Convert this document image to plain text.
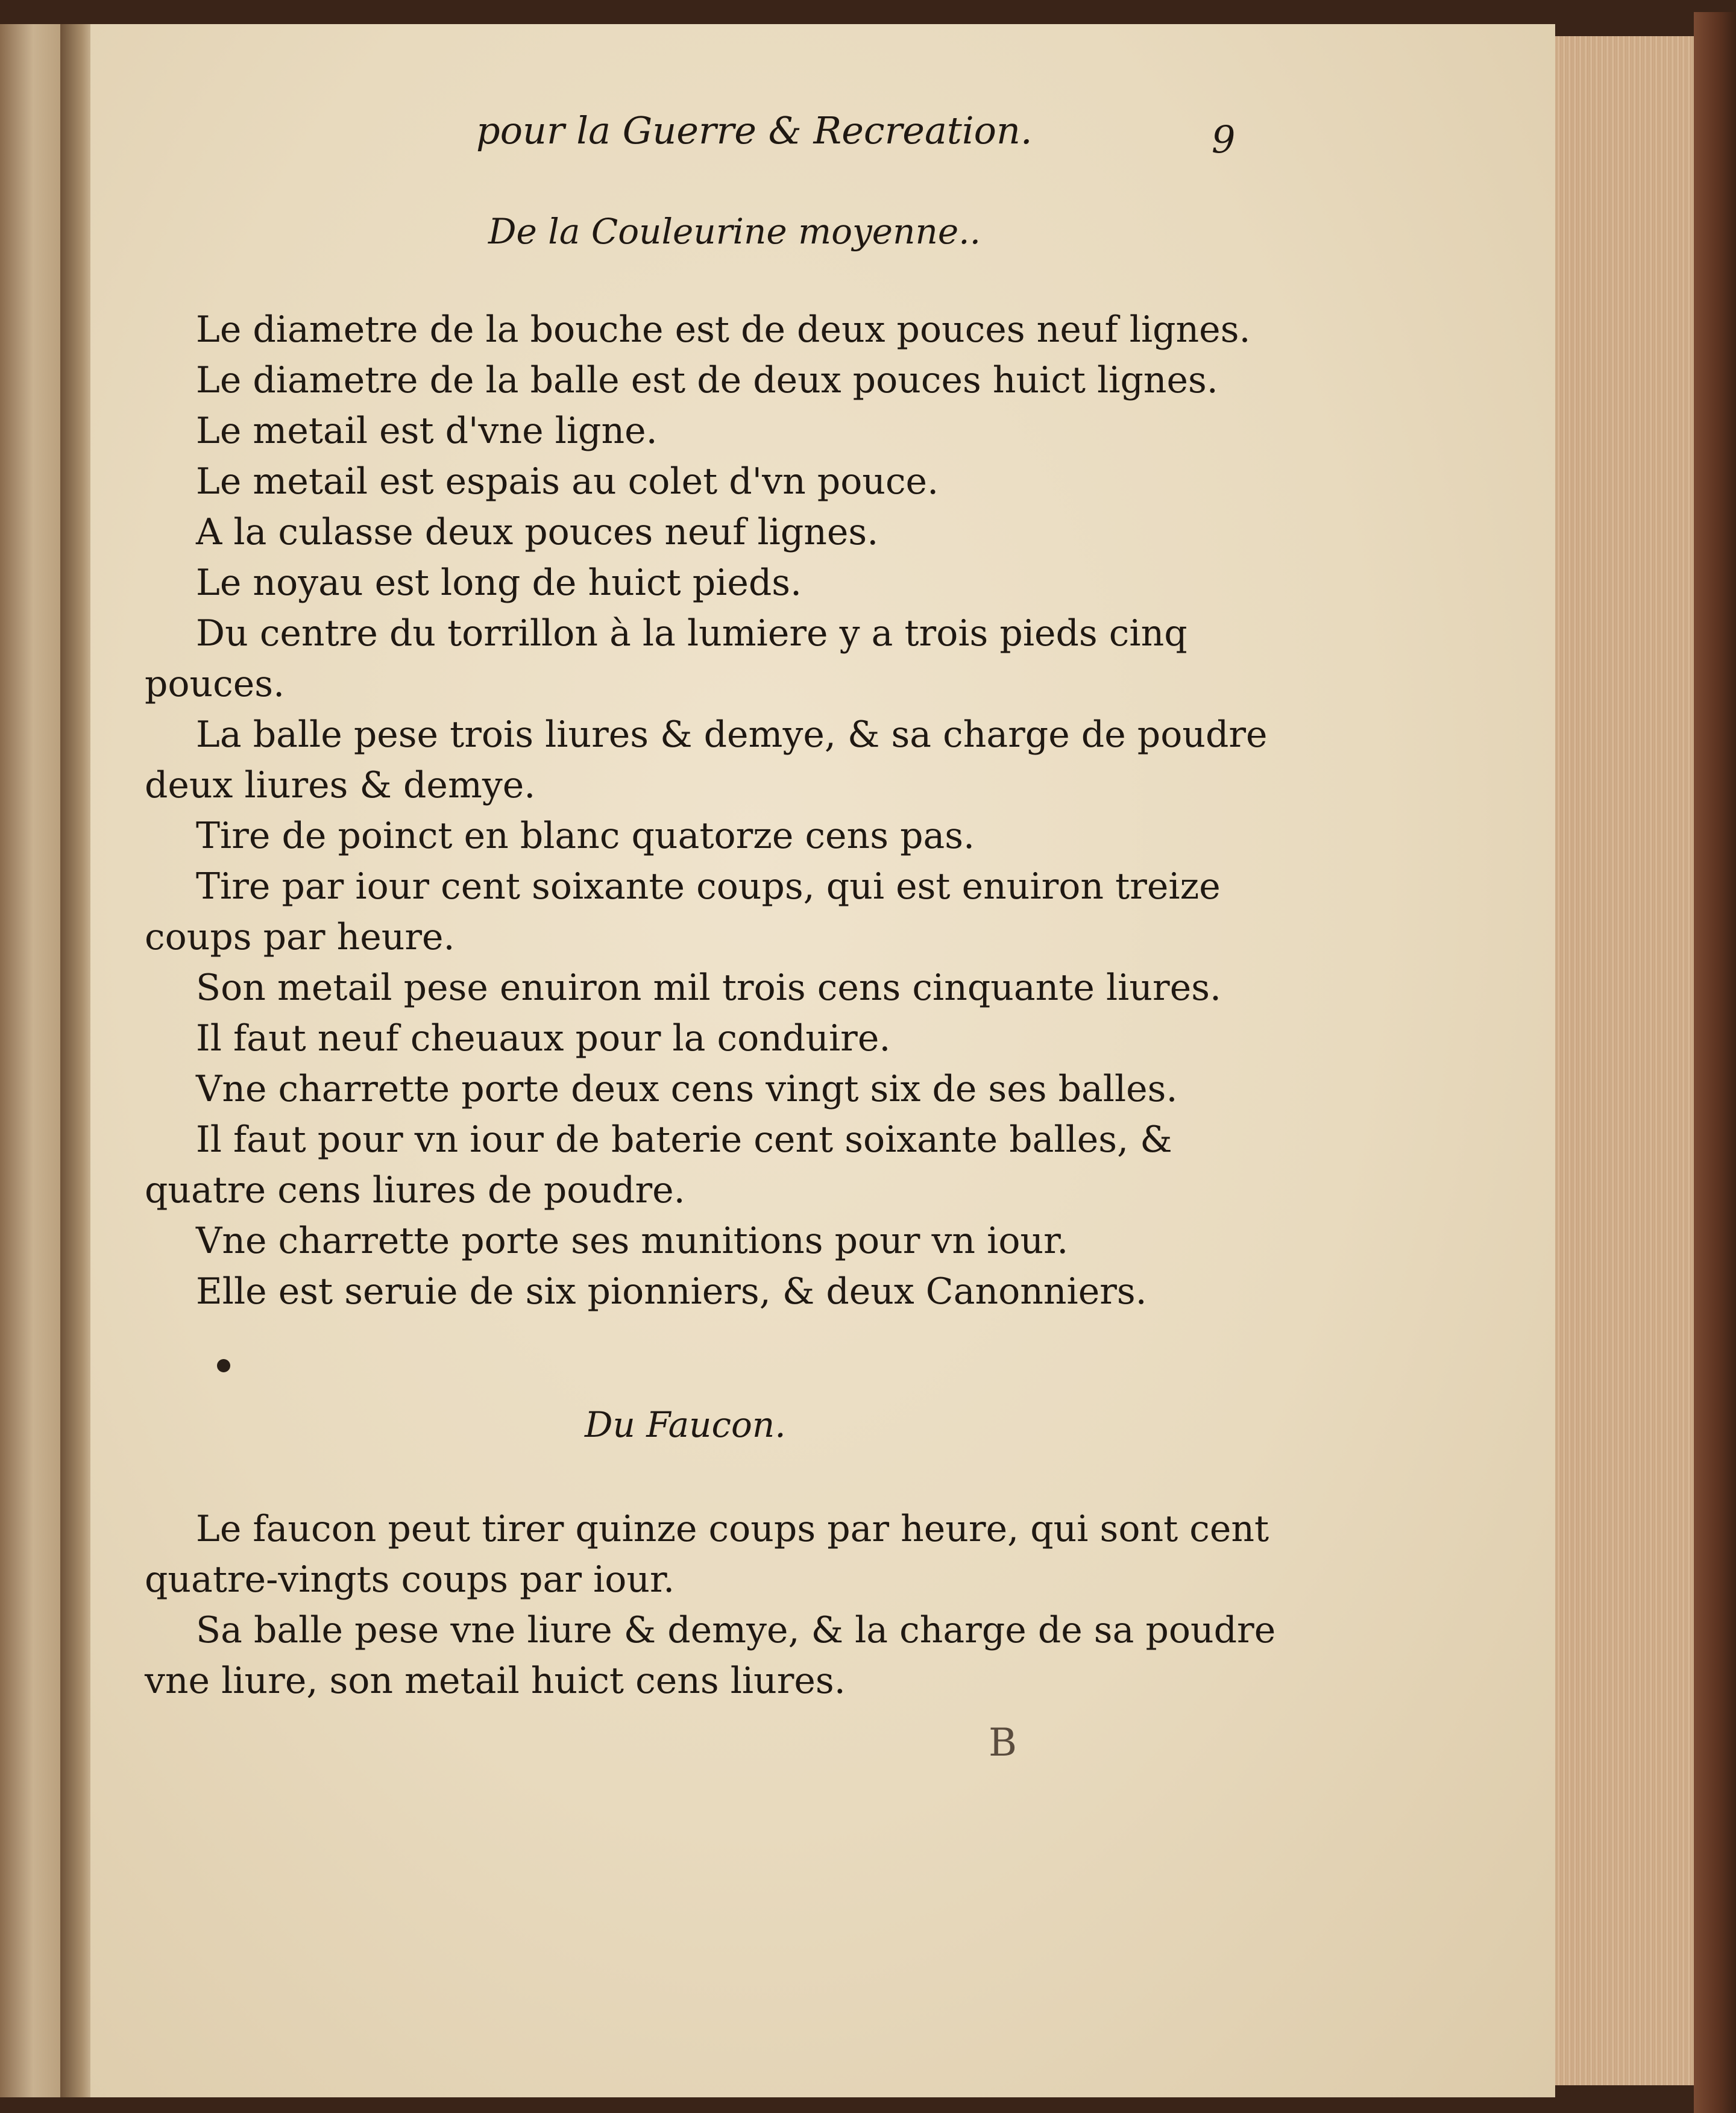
pour la Guerre & Recreation.	9

De la Couleurine moyenne..

Le diametre de la bouche est de deux pouces neuf lignes.

Le diametre de la balle est de deux pouces huict lignes.

Le metail est d'vne ligne.

Le metail est espais au colet d'vn pouce.

A la culasse deux pouces neuf lignes.

Le noyau est long de huict pieds.

Du centre du torrillon à la lumiere y a trois pieds cinq

pouces.

La balle pese trois liures & demye, & sa charge de poudre

deux liures & demye.

Tire de poinct en blanc quatorze cens pas.

Tire par iour cent soixante coups, qui est enuiron treize

coups par heure.

Son metail pese enuiron mil trois cens cinquante liures.

Il faut neuf cheuaux pour la conduire.

Vne charrette porte deux cens vingt six de ses balles.

Il faut pour vn iour de baterie cent soixante balles, &

quatre cens liures de poudre.

Vne charrette porte ses munitions pour vn iour.

Elle est seruie de six pionniers, & deux Canonniers.

Du Faucon.

Le faucon peut tirer quinze coups par heure, qui sont cent

quatre-vingts coups par iour.

Sa balle pese vne liure & demye, & la charge de sa poudre

vne liure, son metail huict cens liures.

B
